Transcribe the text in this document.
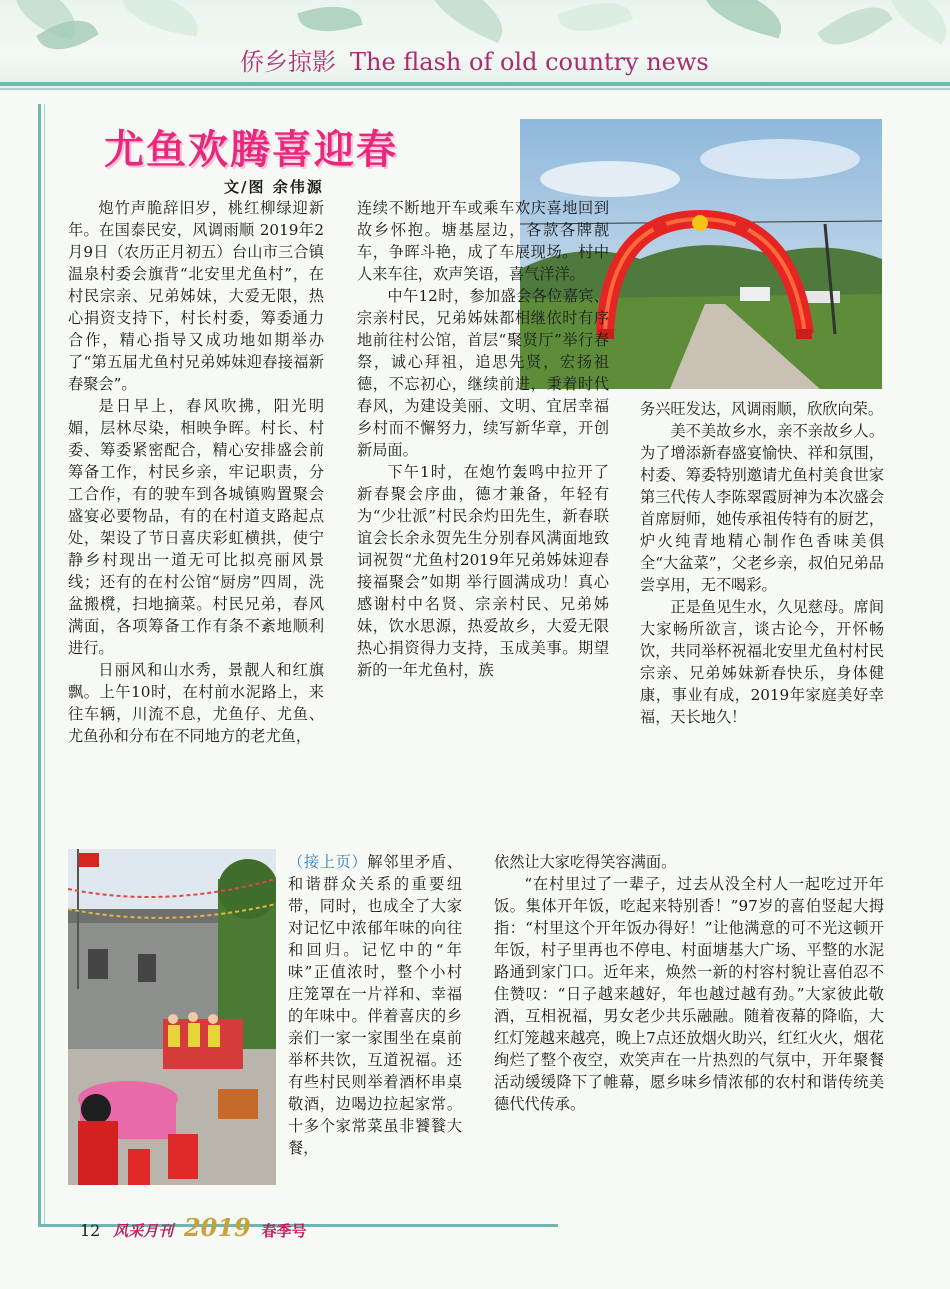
侨乡掠影 The flash of old country news
尤鱼欢腾喜迎春
文/图 余伟源

炮竹声脆辞旧岁，桃红柳绿迎新年。在国泰民安，风调雨顺 2019年2月9日（农历正月初五）台山市三合镇温泉村委会旗背“北安里尤鱼村”，在村民宗亲、兄弟姊妹，大爱无限，热心捐资支持下，村长村委，筹委通力合作，精心指导又成功地如期举办了“第五届尤鱼村兄弟姊妹迎春接福新春聚会”。

是日早上，春风吹拂，阳光明媚，层林尽染，相映争晖。村长、村委、筹委紧密配合，精心安排盛会前筹备工作，村民乡亲，牢记职责，分工合作，有的驶车到各城镇购置聚会盛宴必要物品，有的在村道支路起点处，架设了节日喜庆彩虹横拱，使宁静乡村现出一道无可比拟亮丽风景线；还有的在村公馆“厨房”四周，洗盆搬櫈，扫地摘菜。村民兄弟，春风满面，各项筹备工作有条不紊地顺利进行。

日丽风和山水秀，景靓人和红旗飘。上午10时，在村前水泥路上，来往车辆，川流不息，尤鱼仔、尤鱼、尤鱼孙和分布在不同地方的老尤鱼，

连续不断地开车或乘车欢庆喜地回到故乡怀抱。塘基屋边，各款各牌靓车，争晖斗艳，成了车展现场。村中人来车往，欢声笑语，喜气洋洋。

中午12时，参加盛会各位嘉宾、宗亲村民，兄弟姊妹都相继依时有序地前往村公馆，首层“聚贤厅”举行春祭，诚心拜祖，追思先贤，宏扬祖德，不忘初心，继续前进，秉着时代春风，为建设美丽、文明、宜居幸福乡村而不懈努力，续写新华章，开创新局面。

下午1时，在炮竹轰鸣中拉开了新春聚会序曲，德才兼备，年轻有为“少壮派”村民余灼田先生，新春联谊会长余永贺先生分别春风满面地致词祝贺“尤鱼村2019年兄弟姊妹迎春接福聚会”如期 举行圆满成功！真心感谢村中名贤、宗亲村民、兄弟姊妹，饮水思源，热爱故乡，大爱无限热心捐资得力支持，玉成美事。期望新的一年尤鱼村，族

务兴旺发达，风调雨顺，欣欣向荣。

美不美故乡水，亲不亲故乡人。为了增添新春盛宴愉快、祥和氛围，村委、筹委特别邀请尤鱼村美食世家第三代传人李陈翠霞厨神为本次盛会首席厨师，她传承祖传特有的厨艺，炉火纯青地精心制作色香味美俱全“大盆菜”，父老乡亲，叔伯兄弟品尝享用，无不喝彩。

正是鱼见生水，久见慈母。席间大家畅所欲言，谈古论今，开怀畅饮，共同举杯祝福北安里尤鱼村村民宗亲、兄弟姊妹新春快乐，身体健康，事业有成，2019年家庭美好幸福，天长地久！

（接上页）解邻里矛盾、和谐群众关系的重要纽带，同时，也成全了大家对记忆中浓郁年味的向往和回归。记忆中的“年味”正值浓时，整个小村庄笼罩在一片祥和、幸福的年味中。伴着喜庆的乡亲们一家一家围坐在桌前举杯共饮，互道祝福。还有些村民则举着酒杯串桌敬酒，边喝边拉起家常。十多个家常菜虽非饕餮大餐，

依然让大家吃得笑容满面。

“在村里过了一辈子，过去从没全村人一起吃过开年饭。集体开年饭，吃起来特别香！”97岁的喜伯竖起大拇指：“村里这个开年饭办得好！”让他满意的可不光这顿开年饭，村子里再也不停电、村面塘基大广场、平整的水泥路通到家门口。近年来，焕然一新的村容村貌让喜伯忍不住赞叹：“日子越来越好，年也越过越有劲。”大家彼此敬酒，互相祝福，男女老少共乐融融。随着夜幕的降临，大红灯笼越来越亮，晚上7点还放烟火助兴，红红火火，烟花绚烂了整个夜空，欢笑声在一片热烈的气氛中，开年聚餐活动缓缓降下了帷幕，愿乡味乡情浓郁的农村和谐传统美德代代传承。

12 风采月刊 2019 春季号
